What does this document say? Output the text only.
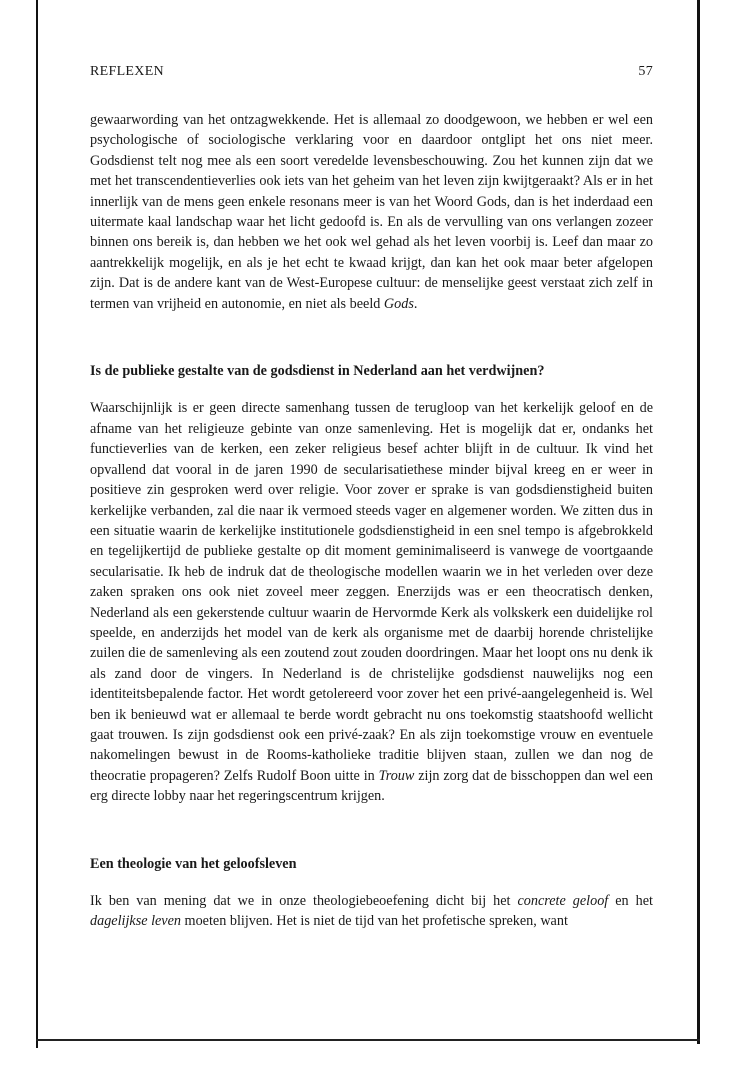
REFLEXEN	57

gewaarwording van het ontzagwekkende. Het is allemaal zo doodgewoon, we hebben er wel een psychologische of sociologische verklaring voor en daardoor ontglipt het ons niet meer. Godsdienst telt nog mee als een soort veredelde levensbeschouwing. Zou het kunnen zijn dat we met het transcendentieverlies ook iets van het geheim van het leven zijn kwijtgeraakt? Als er in het innerlijk van de mens geen enkele resonans meer is van het Woord Gods, dan is het inderdaad een uitermate kaal landschap waar het licht gedoofd is. En als de vervulling van ons verlangen zozeer binnen ons bereik is, dan hebben we het ook wel gehad als het leven voorbij is. Leef dan maar zo aantrekkelijk mogelijk, en als je het echt te kwaad krijgt, dan kan het ook maar beter afgelopen zijn. Dat is de andere kant van de West-Europese cultuur: de menselijke geest verstaat zich zelf in termen van vrijheid en autonomie, en niet als beeld Gods.

Is de publieke gestalte van de godsdienst in Nederland aan het verdwijnen?

Waarschijnlijk is er geen directe samenhang tussen de terugloop van het kerkelijk geloof en de afname van het religieuze gebinte van onze samenleving. Het is mogelijk dat er, ondanks het functieverlies van de kerken, een zeker religieus besef achter blijft in de cultuur. Ik vind het opvallend dat vooral in de jaren 1990 de secularisatiethese minder bijval kreeg en er weer in positieve zin gesproken werd over religie. Voor zover er sprake is van godsdienstigheid buiten kerkelijke verbanden, zal die naar ik vermoed steeds vager en algemener worden. We zitten dus in een situatie waarin de kerkelijke institutionele godsdienstigheid in een snel tempo is afgebrokkeld en tegelijkertijd de publieke gestalte op dit moment geminimaliseerd is vanwege de voortgaande secularisatie. Ik heb de indruk dat de theologische modellen waarin we in het verleden over deze zaken spraken ons ook niet zoveel meer zeggen. Enerzijds was er een theocratisch denken, Nederland als een gekerstende cultuur waarin de Hervormde Kerk als volkskerk een duidelijke rol speelde, en anderzijds het model van de kerk als organisme met de daarbij horende christelijke zuilen die de samenleving als een zoutend zout zouden doordringen. Maar het loopt ons nu denk ik als zand door de vingers. In Nederland is de christelijke godsdienst nauwelijks nog een identiteitsbepalende factor. Het wordt getolereerd voor zover het een privé-aangelegenheid is. Wel ben ik benieuwd wat er allemaal te berde wordt gebracht nu ons toekomstig staatshoofd wellicht gaat trouwen. Is zijn godsdienst ook een privé-zaak? En als zijn toekomstige vrouw en eventuele nakomelingen bewust in de Rooms-katholieke traditie blijven staan, zullen we dan nog de theocratie propageren? Zelfs Rudolf Boon uitte in Trouw zijn zorg dat de bisschoppen dan wel een erg directe lobby naar het regeringscentrum krijgen.

Een theologie van het geloofsleven

Ik ben van mening dat we in onze theologiebeoefening dicht bij het concrete geloof en het dagelijkse leven moeten blijven. Het is niet de tijd van het profetische spreken, want
